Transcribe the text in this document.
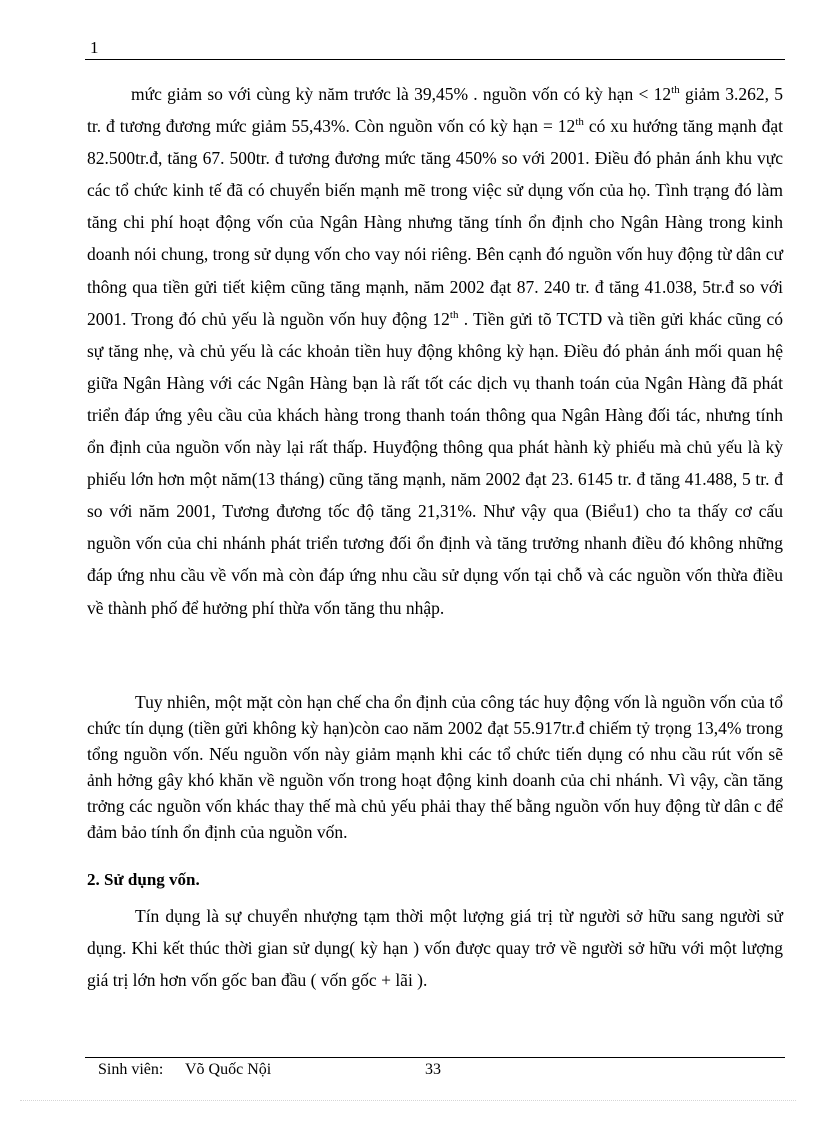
1

mức giảm so với cùng kỳ năm trước là 39,45% . nguồn vốn có kỳ hạn < 12th giảm 3.262, 5 tr. đ tương đương mức giảm 55,43%. Còn nguồn vốn có kỳ hạn = 12th có xu hướng tăng mạnh đạt 82.500tr.đ, tăng 67. 500tr. đ tương đương mức tăng 450% so với 2001. Điều đó phản ánh khu vực các tổ chức kinh tế đã có chuyển biến mạnh mẽ trong việc sử dụng vốn của họ. Tình trạng đó làm tăng chi phí hoạt động vốn của Ngân Hàng nhưng tăng tính ổn định cho Ngân Hàng trong kinh doanh nói chung, trong sử dụng vốn cho vay nói riêng. Bên cạnh đó nguồn vốn huy động từ dân cư thông qua tiền gửi tiết kiệm cũng tăng mạnh, năm 2002 đạt 87. 240 tr. đ tăng 41.038, 5tr.đ so với 2001. Trong đó chủ yếu là nguồn vốn huy động 12th . Tiền gửi tõ TCTD và tiền gửi khác cũng có sự tăng nhẹ, và chủ yếu là các khoản tiền huy động không kỳ hạn. Điều đó phản ánh mối quan hệ giữa Ngân Hàng với các Ngân Hàng bạn là rất tốt các dịch vụ thanh toán của Ngân Hàng đã phát triển đáp ứng yêu cầu của khách hàng trong thanh toán thông qua Ngân Hàng đối tác, nhưng tính ổn định của nguồn vốn này lại rất thấp. Huyđộng thông qua phát hành kỳ phiếu mà chủ yếu là kỳ phiếu lớn hơn một năm(13 tháng) cũng tăng mạnh, năm 2002 đạt 23. 6145 tr. đ tăng 41.488, 5 tr. đ so với năm 2001, Tương đương tốc độ tăng 21,31%. Như vậy qua (Biểu1) cho ta thấy cơ cấu nguồn vốn của chi nhánh phát triển tương đối ổn định và tăng trưởng nhanh điều đó không những đáp ứng nhu cầu về vốn mà còn đáp ứng nhu cầu sử dụng vốn tại chỗ và các nguồn vốn thừa điều về thành phố để hưởng phí thừa vốn tăng thu nhập.

Tuy nhiên, một mặt còn hạn chế cha ổn định của công tác huy động vốn là nguồn vốn của tổ chức tín dụng (tiền gửi không kỳ hạn)còn cao năm 2002 đạt 55.917tr.đ chiếm tỷ trọng 13,4% trong tổng nguồn vốn. Nếu nguồn vốn này giảm mạnh khi các tổ chức tiến dụng có nhu cầu rút vốn sẽ ảnh hởng gây khó khăn về nguồn vốn trong hoạt động kinh doanh của chi nhánh. Vì vậy, cần tăng trởng các nguồn vốn khác thay thế mà chủ yếu phải thay thế bằng nguồn vốn huy động từ dân c để đảm bảo tính ổn định của nguồn vốn.

2. Sử dụng vốn.

Tín dụng là sự chuyển nhượng tạm thời một lượng giá trị từ người sở hữu sang người sử dụng. Khi kết thúc thời gian sử dụng( kỳ hạn ) vốn được quay trở về người sở hữu với một lượng giá trị lớn hơn vốn gốc ban đầu ( vốn gốc + lãi ).

Sinh viên: Võ Quốc Nội	33
